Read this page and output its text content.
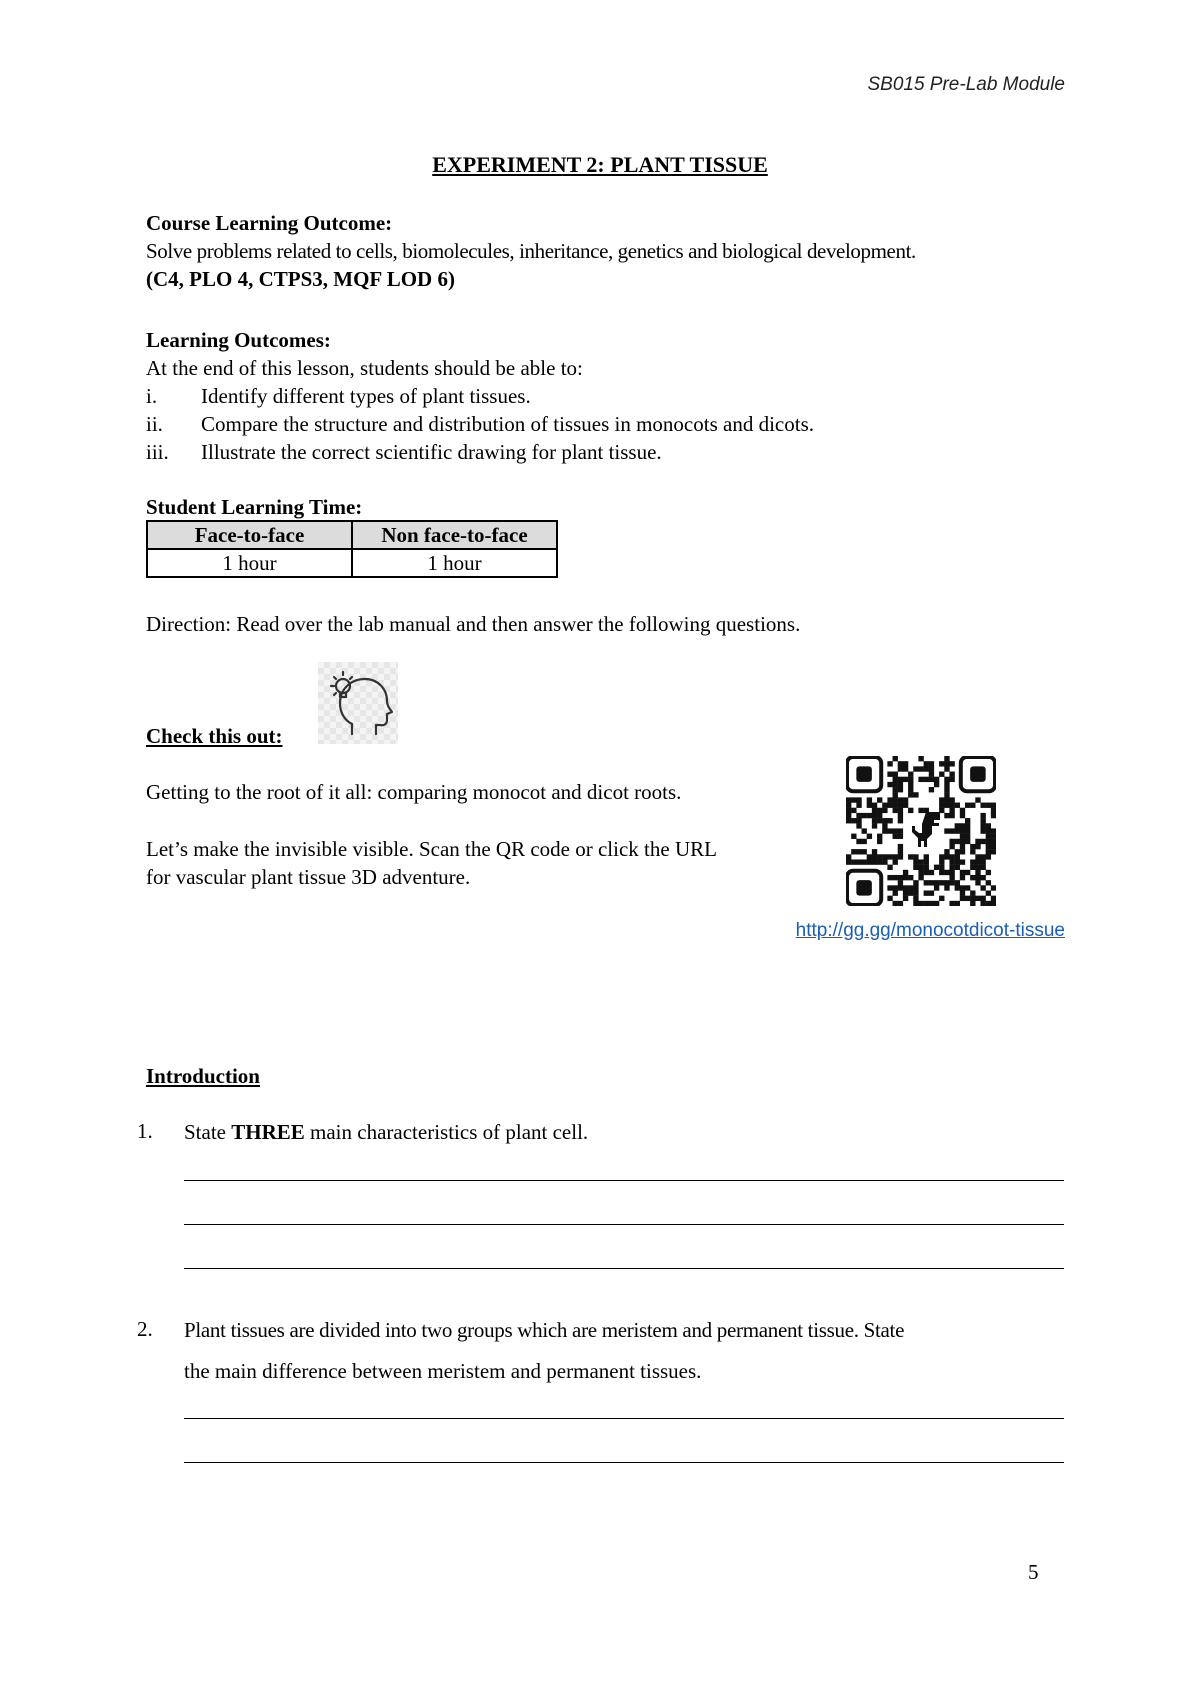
SB015 Pre-Lab Module
EXPERIMENT 2: PLANT TISSUE
Course Learning Outcome:
Solve problems related to cells, biomolecules, inheritance, genetics and biological development.
(C4, PLO 4, CTPS3, MQF LOD 6)
Learning Outcomes:
At the end of this lesson, students should be able to:
i.	Identify different types of plant tissues.
ii.	Compare the structure and distribution of tissues in monocots and dicots.
iii.	Illustrate the correct scientific drawing for plant tissue.
Student Learning Time:
Face-to-face	Non face-to-face
1 hour	1 hour
Direction: Read over the lab manual and then answer the following questions.
Check this out:
Getting to the root of it all: comparing monocot and dicot roots.
Let’s make the invisible visible. Scan the QR code or click the URL
for vascular plant tissue 3D adventure.
http://gg.gg/monocotdicot-tissue
Introduction
1. State THREE main characteristics of plant cell.
2. Plant tissues are divided into two groups which are meristem and permanent tissue. State
the main difference between meristem and permanent tissues.
5
